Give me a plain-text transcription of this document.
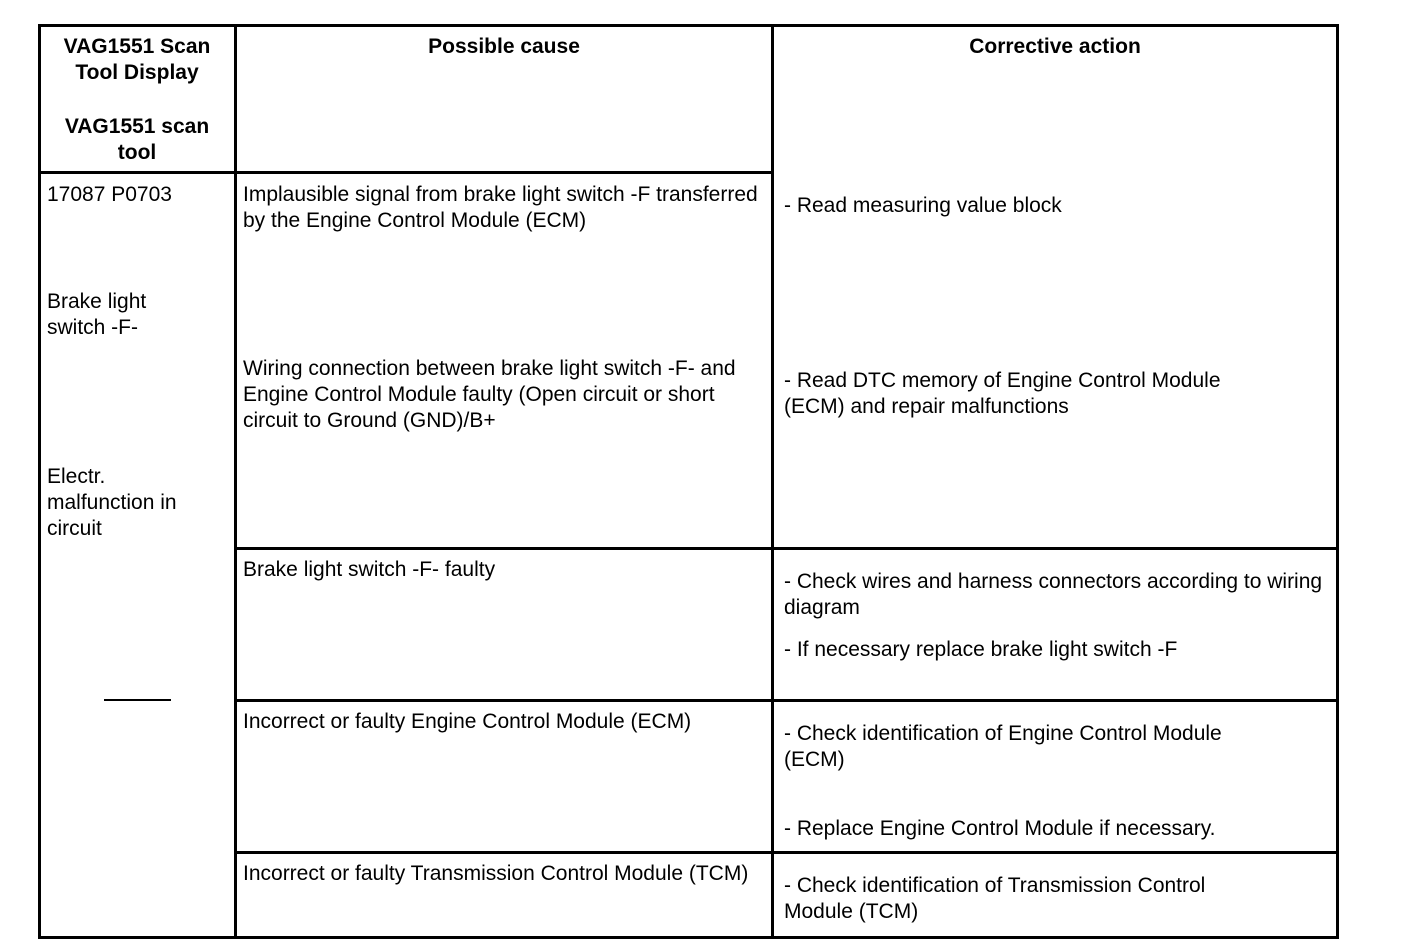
VAG1551 Scan Tool Display
VAG1551 scan tool
Possible cause	Corrective action
17087 P0703
Brake light switch -F-
Electr. malfunction in circuit
Implausible signal from brake light switch -F transferred by the Engine Control Module (ECM)
Wiring connection between brake light switch -F- and Engine Control Module faulty (Open circuit or short circuit to Ground (GND)/B+
- Read measuring value block
- Read DTC memory of Engine Control Module (ECM) and repair malfunctions
Brake light switch -F- faulty
- Check wires and harness connectors according to wiring diagram
- If necessary replace brake light switch -F
Incorrect or faulty Engine Control Module (ECM)
- Check identification of Engine Control Module (ECM)
- Replace Engine Control Module if necessary.
Incorrect or faulty Transmission Control Module (TCM)
- Check identification of Transmission Control Module (TCM)
